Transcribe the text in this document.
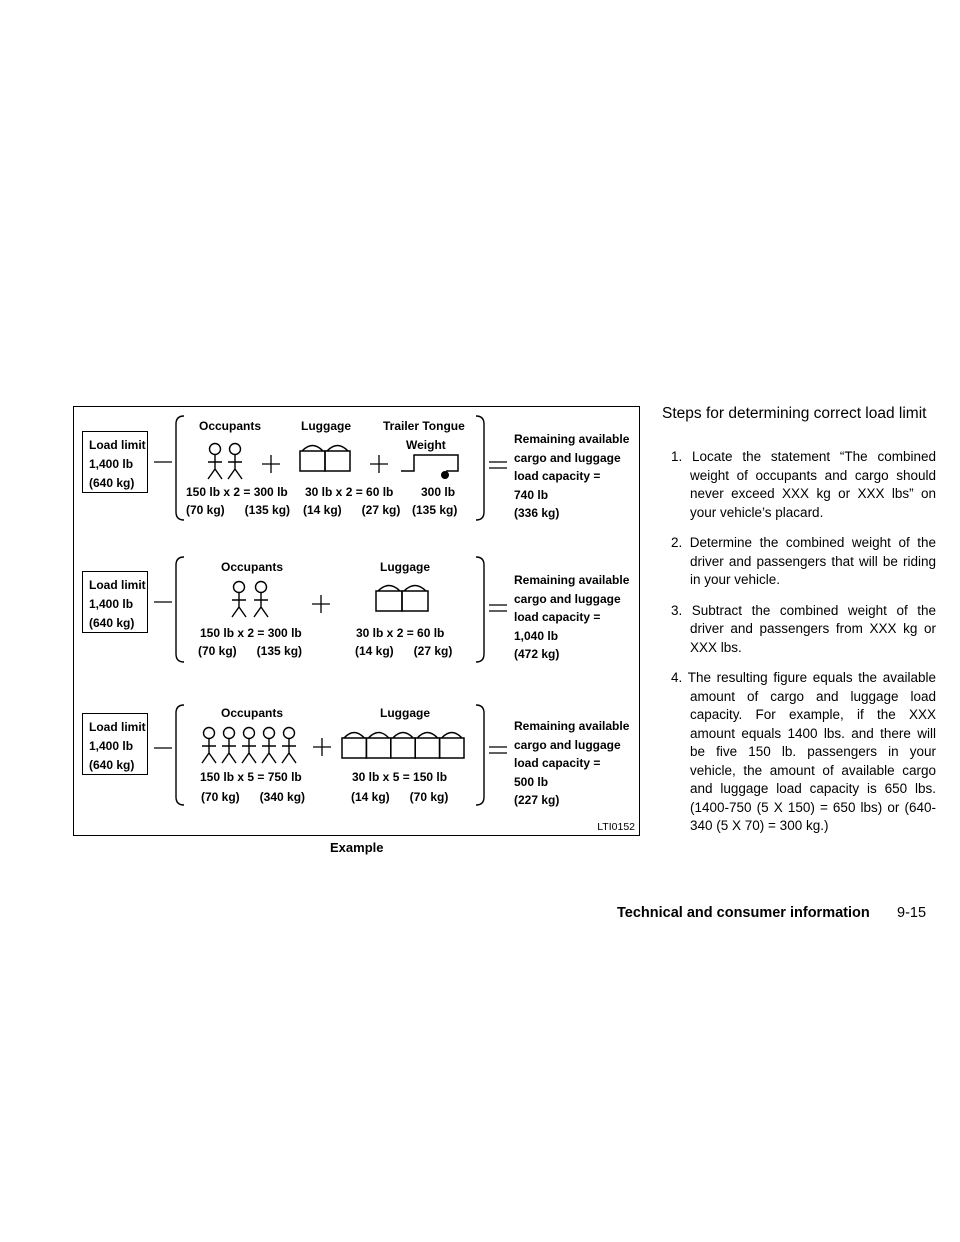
Load limit
1,400 lb
(640 kg)
Occupants	Luggage	Trailer Tongue
Weight
150 lb x 2 = 300 lb
(70 kg)      (135 kg)
30 lb x 2 = 60 lb
(14 kg)      (27 kg)
300 lb
(135 kg)
Remaining available
cargo and luggage
load capacity =
740 lb
(336 kg)
Load limit
1,400 lb
(640 kg)
Occupants	Luggage
150 lb x 2 = 300 lb
(70 kg)      (135 kg)
30 lb x 2 = 60 lb
(14 kg)      (27 kg)
Remaining available
cargo and luggage
load capacity =
1,040 lb
(472 kg)
Load limit
1,400 lb
(640 kg)
Occupants	Luggage
150 lb x 5 = 750 lb
(70 kg)      (340 kg)
30 lb x 5 = 150 lb
(14 kg)      (70 kg)
Remaining available
cargo and luggage
load capacity =
500 lb
(227 kg)
LTI0152
Example
Steps for determining correct load limit
1. Locate the statement “The combined weight of occupants and cargo should never exceed XXX kg or XXX lbs” on your vehicle’s placard.
2. Determine the combined weight of the driver and passengers that will be riding in your vehicle.
3. Subtract the combined weight of the driver and passengers from XXX kg or XXX lbs.
4. The resulting figure equals the available amount of cargo and luggage load capacity. For example, if the XXX amount equals 1400 lbs. and there will be five 150 lb. passengers in your vehicle, the amount of available cargo and luggage load capacity is 650 lbs. (1400-750 (5 X 150) = 650 lbs) or (640-340 (5 X 70) = 300 kg.)
Technical and consumer information 9-15
